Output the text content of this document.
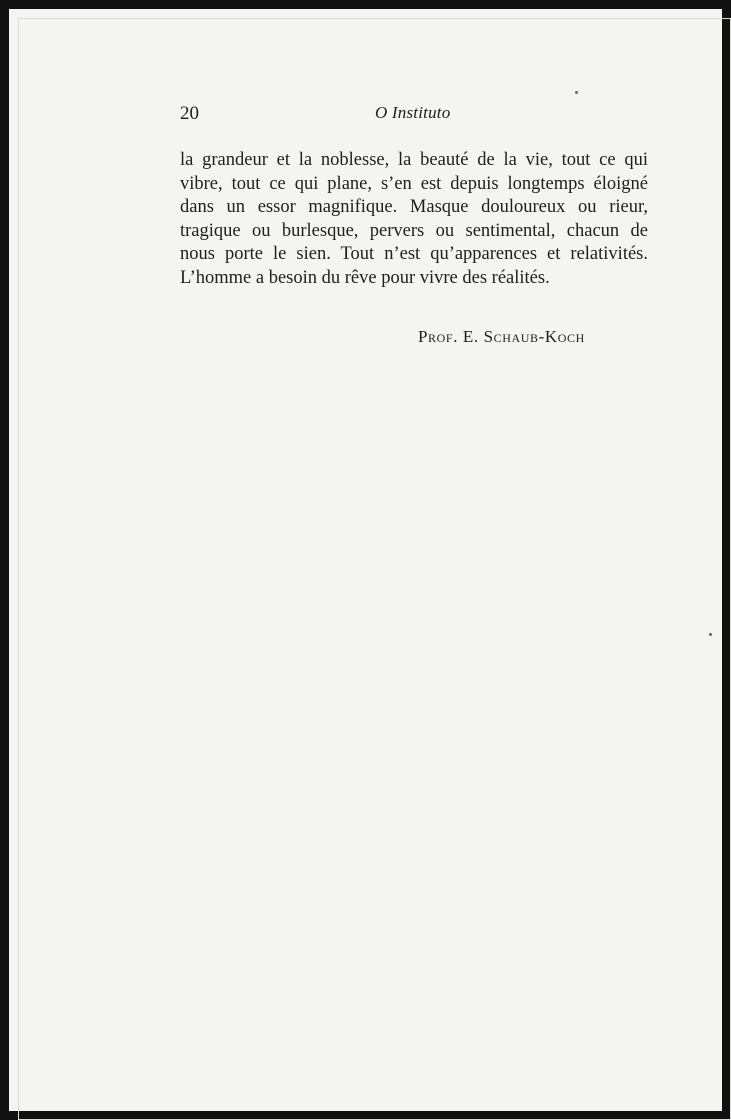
20	O Instituto
la grandeur et la noblesse, la beauté de la vie, tout ce qui
vibre, tout ce qui plane, s’en est depuis longtemps éloigné
dans un essor magnifique. Masque douloureux ou rieur,
tragique ou burlesque, pervers ou sentimental, chacun de
nous porte le sien. Tout n’est qu’apparences et relativités.
L’homme a besoin du rêve pour vivre des réalités.
Prof. E. Schaub-Koch
